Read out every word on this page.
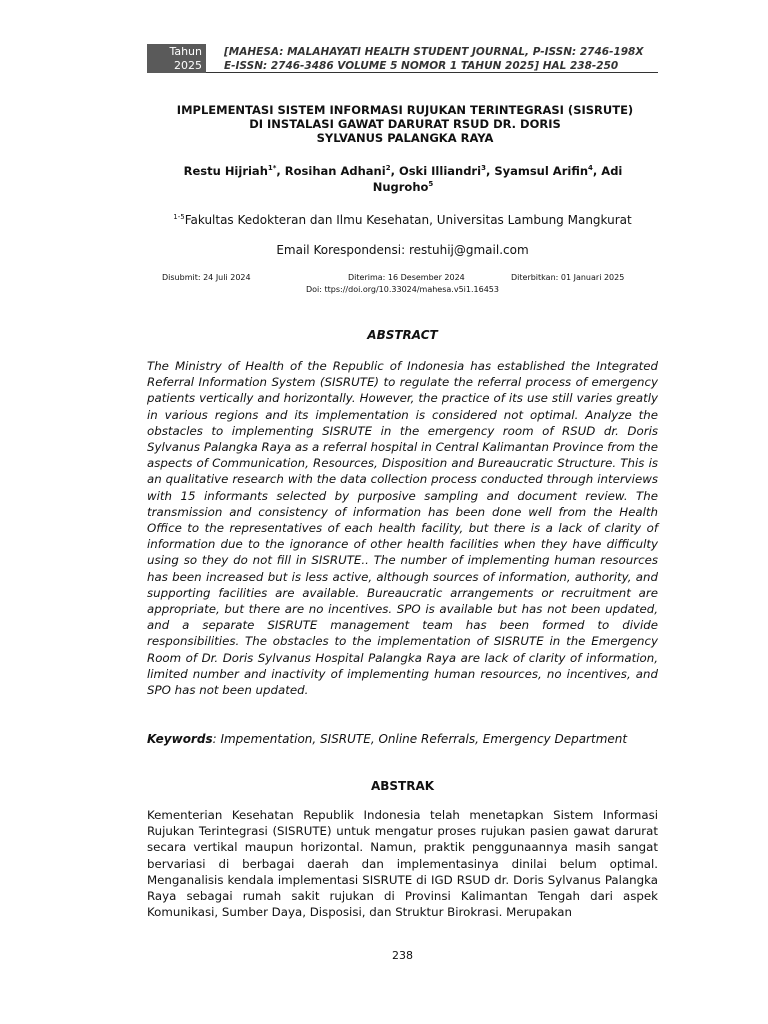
Tahun
2025
[MAHESA: MALAHAYATI HEALTH STUDENT JOURNAL, P-ISSN: 2746-198X
E-ISSN: 2746-3486 VOLUME 5 NOMOR 1 TAHUN 2025] HAL 238-250
IMPLEMENTASI SISTEM INFORMASI RUJUKAN TERINTEGRASI (SISRUTE)
DI INSTALASI GAWAT DARURAT RSUD DR. DORIS
SYLVANUS PALANGKA RAYA
Restu Hijriah$^{1*}$, Rosihan Adhani$^2$, Oski Illiandri$^3$, Syamsul Arifin$^4$, Adi Nugroho$^5$
$^{1-5}$Fakultas Kedokteran dan Ilmu Kesehatan, Universitas Lambung Mangkurat
Email Korespondensi: restuhij@gmail.com
Disubmit: 24 Juli 2024	Diterima: 16 Desember 2024	Diterbitkan: 01 Januari 2025
Doi: ttps://doi.org/10.33024/mahesa.v5i1.16453
ABSTRACT

The Ministry of Health of the Republic of Indonesia has established the Integrated Referral Information System (SISRUTE) to regulate the referral process of emergency patients vertically and horizontally. However, the practice of its use still varies greatly in various regions and its implementation is considered not optimal. Analyze the obstacles to implementing SISRUTE in the emergency room of RSUD dr. Doris Sylvanus Palangka Raya as a referral hospital in Central Kalimantan Province from the aspects of Communication, Resources, Disposition and Bureaucratic Structure. This is an qualitative research with the data collection process conducted through interviews with 15 informants selected by purposive sampling and document review. The transmission and consistency of information has been done well from the Health Office to the representatives of each health facility, but there is a lack of clarity of information due to the ignorance of other health facilities when they have difficulty using so they do not fill in SISRUTE.. The number of implementing human resources has been increased but is less active, although sources of information, authority, and supporting facilities are available. Bureaucratic arrangements or recruitment are appropriate, but there are no incentives. SPO is available but has not been updated, and a separate SISRUTE management team has been formed to divide responsibilities. The obstacles to the implementation of SISRUTE in the Emergency Room of Dr. Doris Sylvanus Hospital Palangka Raya are lack of clarity of information, limited number and inactivity of implementing human resources, no incentives, and SPO has not been updated.

Keywords: Impementation, SISRUTE, Online Referrals, Emergency Department
ABSTRAK

Kementerian Kesehatan Republik Indonesia telah menetapkan Sistem Informasi Rujukan Terintegrasi (SISRUTE) untuk mengatur proses rujukan pasien gawat darurat secara vertikal maupun horizontal. Namun, praktik penggunaannya masih sangat bervariasi di berbagai daerah dan implementasinya dinilai belum optimal. Menganalisis kendala implementasi SISRUTE di IGD RSUD dr. Doris Sylvanus Palangka Raya sebagai rumah sakit rujukan di Provinsi Kalimantan Tengah dari aspek Komunikasi, Sumber Daya, Disposisi, dan Struktur Birokrasi. Merupakan

238
